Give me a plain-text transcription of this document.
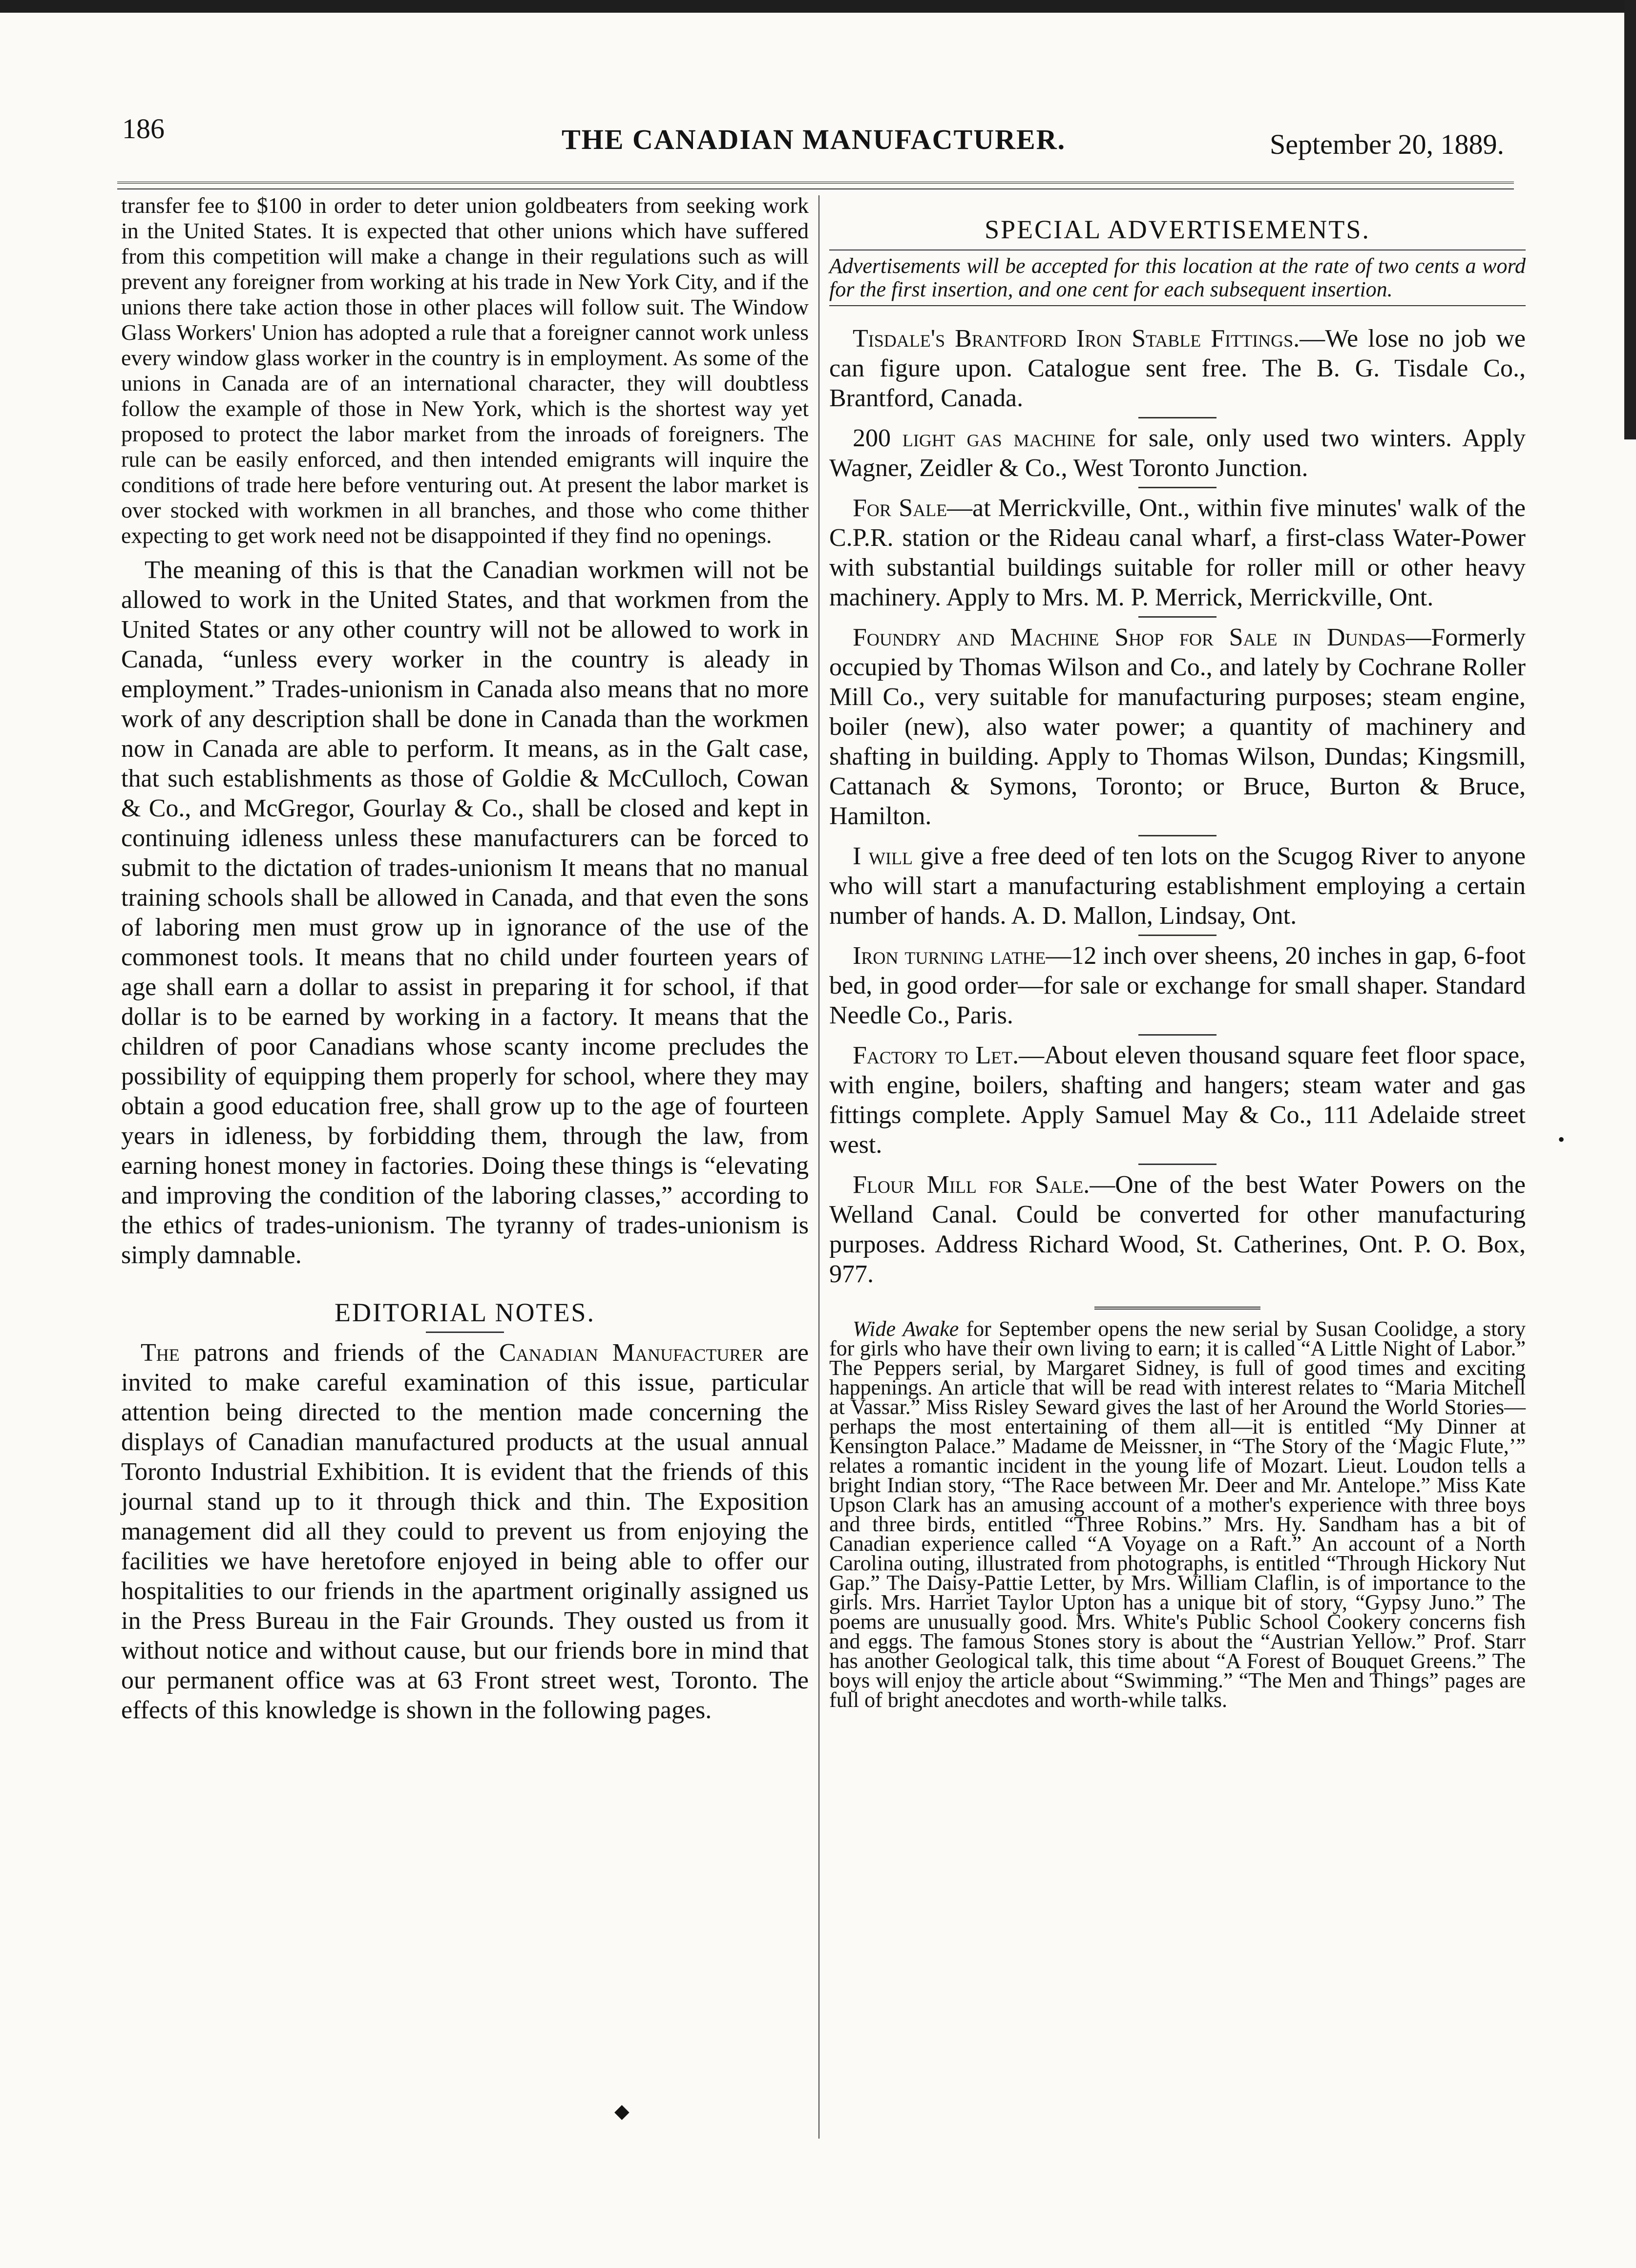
186	THE CANADIAN MANUFACTURER.	September 20, 1889.

transfer fee to $100 in order to deter union goldbeaters from seeking work in the United States. It is expected that other unions which have suffered from this competition will make a change in their regulations such as will prevent any foreigner from working at his trade in New York City, and if the unions there take action those in other places will follow suit. The Window Glass Workers' Union has adopted a rule that a foreigner cannot work unless every window glass worker in the country is in employment. As some of the unions in Canada are of an international character, they will doubtless follow the example of those in New York, which is the shortest way yet proposed to protect the labor market from the inroads of foreigners. The rule can be easily enforced, and then intended emigrants will inquire the conditions of trade here before venturing out. At present the labor market is over stocked with workmen in all branches, and those who come thither expecting to get work need not be disappointed if they find no openings.

The meaning of this is that the Canadian workmen will not be allowed to work in the United States, and that workmen from the United States or any other country will not be allowed to work in Canada, “unless every worker in the country is aleady in employment.” Trades-unionism in Canada also means that no more work of any description shall be done in Canada than the workmen now in Canada are able to perform. It means, as in the Galt case, that such establishments as those of Goldie & McCulloch, Cowan & Co., and McGregor, Gourlay & Co., shall be closed and kept in continuing idleness unless these manufacturers can be forced to submit to the dictation of trades-unionism It means that no manual training schools shall be allowed in Canada, and that even the sons of laboring men must grow up in ignorance of the use of the commonest tools. It means that no child under fourteen years of age shall earn a dollar to assist in preparing it for school, if that dollar is to be earned by working in a factory. It means that the children of poor Canadians whose scanty income precludes the possibility of equipping them properly for school, where they may obtain a good education free, shall grow up to the age of fourteen years in idleness, by forbidding them, through the law, from earning honest money in factories. Doing these things is “elevating and improving the condition of the laboring classes,” according to the ethics of trades-unionism. The tyranny of trades-unionism is simply damnable.

EDITORIAL NOTES.

The patrons and friends of the Canadian Manufacturer are invited to make careful examination of this issue, particular attention being directed to the mention made concerning the displays of Canadian manufactured products at the usual annual Toronto Industrial Exhibition. It is evident that the friends of this journal stand up to it through thick and thin. The Exposition management did all they could to prevent us from enjoying the facilities we have heretofore enjoyed in being able to offer our hospitalities to our friends in the apartment originally assigned us in the Press Bureau in the Fair Grounds. They ousted us from it without notice and without cause, but our friends bore in mind that our permanent office was at 63 Front street west, Toronto. The effects of this knowledge is shown in the following pages.

SPECIAL ADVERTISEMENTS.

Advertisements will be accepted for this location at the rate of two cents a word for the first insertion, and one cent for each subsequent insertion.

Tisdale's Brantford Iron Stable Fittings.—We lose no job we can figure upon. Catalogue sent free. The B. G. Tisdale Co., Brantford, Canada.

200 light gas machine for sale, only used two winters. Apply Wagner, Zeidler & Co., West Toronto Junction.

For Sale—at Merrickville, Ont., within five minutes' walk of the C.P.R. station or the Rideau canal wharf, a first-class Water-Power with substantial buildings suitable for roller mill or other heavy machinery. Apply to Mrs. M. P. Merrick, Merrickville, Ont.

Foundry and Machine Shop for Sale in Dundas—Formerly occupied by Thomas Wilson and Co., and lately by Cochrane Roller Mill Co., very suitable for manufacturing purposes; steam engine, boiler (new), also water power; a quantity of machinery and shafting in building. Apply to Thomas Wilson, Dundas; Kingsmill, Cattanach & Symons, Toronto; or Bruce, Burton & Bruce, Hamilton.

I will give a free deed of ten lots on the Scugog River to anyone who will start a manufacturing establishment employing a certain number of hands. A. D. Mallon, Lindsay, Ont.

Iron turning lathe—12 inch over sheens, 20 inches in gap, 6-foot bed, in good order—for sale or exchange for small shaper. Standard Needle Co., Paris.

Factory to Let.—About eleven thousand square feet floor space, with engine, boilers, shafting and hangers; steam water and gas fittings complete. Apply Samuel May & Co., 111 Adelaide street west.

Flour Mill for Sale.—One of the best Water Powers on the Welland Canal. Could be converted for other manufacturing purposes. Address Richard Wood, St. Catherines, Ont. P. O. Box, 977.

Wide Awake for September opens the new serial by Susan Coolidge, a story for girls who have their own living to earn; it is called “A Little Night of Labor.” The Peppers serial, by Margaret Sidney, is full of good times and exciting happenings. An article that will be read with interest relates to “Maria Mitchell at Vassar.” Miss Risley Seward gives the last of her Around the World Stories—perhaps the most entertaining of them all—it is entitled “My Dinner at Kensington Palace.” Madame de Meissner, in “The Story of the ‘Magic Flute,’” relates a romantic incident in the young life of Mozart. Lieut. Loudon tells a bright Indian story, “The Race between Mr. Deer and Mr. Antelope.” Miss Kate Upson Clark has an amusing account of a mother's experience with three boys and three birds, entitled “Three Robins.” Mrs. Hy. Sandham has a bit of Canadian experience called “A Voyage on a Raft.” An account of a North Carolina outing, illustrated from photographs, is entitled “Through Hickory Nut Gap.” The Daisy-Pattie Letter, by Mrs. William Claflin, is of importance to the girls. Mrs. Harriet Taylor Upton has a unique bit of story, “Gypsy Juno.” The poems are unusually good. Mrs. White's Public School Cookery concerns fish and eggs. The famous Stones story is about the “Austrian Yellow.” Prof. Starr has another Geological talk, this time about “A Forest of Bouquet Greens.” The boys will enjoy the article about “Swimming.” “The Men and Things” pages are full of bright anecdotes and worth-while talks.

◆
•
